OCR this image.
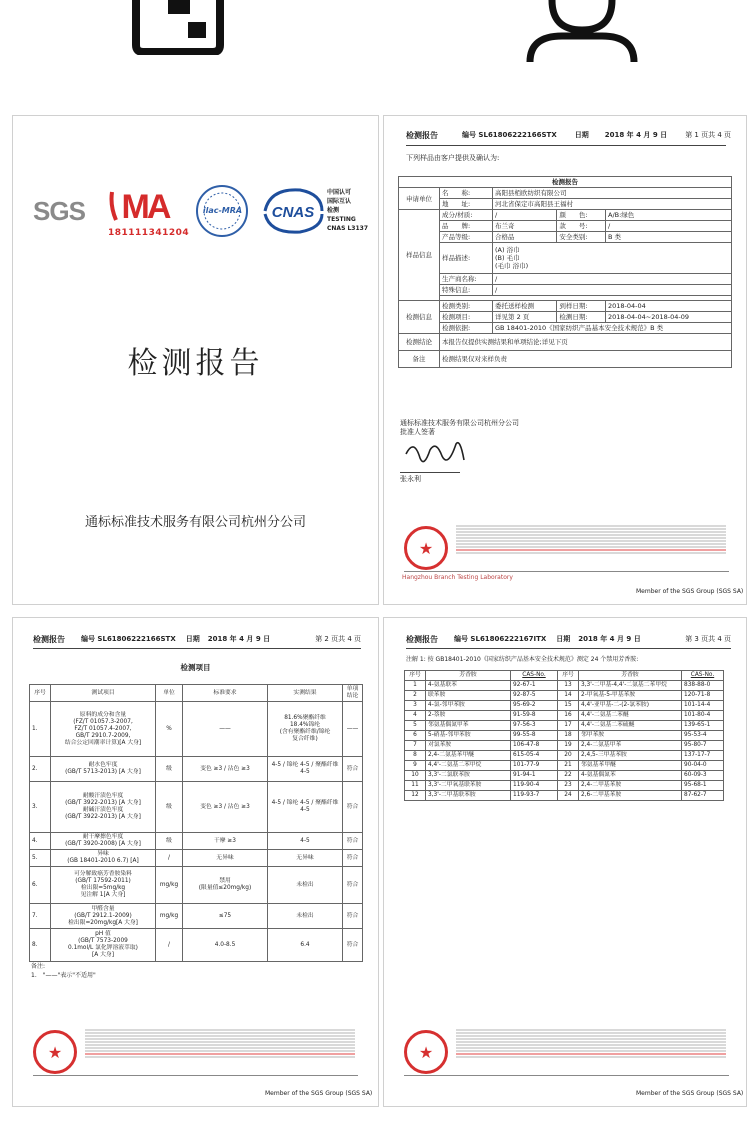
SGS MA
181111341204
ilac-MRA	CNAS
中国认可
国际互认
检测
TESTING
CNAS L3137
检测报告
通标标准技术服务有限公司杭州分公司
检测报告	编号 SL61806222166STX	日期 2018 年 4 月 9 日	第 1 页共 4 页
下列样品由客户提供及确认为:
检测报告				
申请单位	名　　称:	高阳县栢欧纺织有限公司		
	地　　址:	河北省保定市高阳县王福村		
样品信息	成分/材质:	/	颜　　色:	A/B:绿色
	品　　牌:	布兰奇	款　　号:	/
	产品等级:	合格品	安全类别:	B 类
	样品描述:	(A) 浴巾
(B) 毛巾
(毛巾 浴巾)		

	生产商名称:	/		
	特殊信息:	/		

检测信息	检测类别:	委托送样检测	到样日期:	2018-04-04
	检测项目:	详见第 2 页	检测日期:	2018-04-04~2018-04-09
	检测依据:	GB 18401-2010《国家纺织产品基本安全技术规范》B 类		
检测结论	本报告仅提供实测结果和单项结论;详见下页			
备注	检测结果仅对来样负责			
通标标准技术服务有限公司杭州分公司
批准人签著
张永利
★
Hangzhou Branch Testing Laboratory
Member of the SGS Group (SGS SA)
检测报告 编号 SL61806222166STX 日期 2018 年 4 月 9 日	第 2 页共 4 页
检测项目
序号	测试项目	单位	标准要求	实测结果	单项结论
1.	原料的成分和含量
(FZ/T 01057.3-2007,
FZ/T 01057.4-2007,
GB/T 2910.7-2009,
结合公定回潮率计算)[A 大身]	%	——	81.6%聚酯纤维
18.4%锦纶
(含有聚酯纤维/锦纶
复合纤维)	——
2.	耐水色牢度
(GB/T 5713-2013) [A 大身]	级	变色 ≥3 / 沾色 ≥3	4-5 / 锦纶 4-5 / 聚酯纤维 4-5	符合
3.	耐酸汗渍色牢度
(GB/T 3922-2013) [A 大身]
耐碱汗渍色牢度
(GB/T 3922-2013) [A 大身]	级	变色 ≥3 / 沾色 ≥3	4-5 / 锦纶 4-5 / 聚酯纤维 4-5	符合
4.	耐干摩擦色牢度
(GB/T 3920-2008) [A 大身]	级	干摩 ≥3	4-5	符合
5.	异味
(GB 18401-2010 6.7) [A]	/	无异味	无异味	符合
6.	可分解致癌芳香胺染料
(GB/T 17592-2011)
检出限=5mg/kg
见注解 1[A 大身]	mg/kg	禁用
(限量值≤20mg/kg)	未检出	符合
7.	甲醛含量
(GB/T 2912.1-2009)
检出限=20mg/kg[A 大身]	mg/kg	≤75	未检出	符合
8.	pH 值
(GB/T 7573-2009
0.1mol/L 氯化钾溶液萃取)
[A 大身]	/	4.0-8.5	6.4	符合
备注:
1.　"——"表示"不适用"
★
Member of the SGS Group (SGS SA)
检测报告 编号 SL61806222167ITX 日期 2018 年 4 月 9 日	第 3 页共 4 页
注解 1: 按 GB18401-2010《国家纺织产品基本安全技术规范》测定 24 个禁用芳香胺:
序号	芳香胺	CAS-No.	序号	芳香胺	CAS-No.
1	4-氨基联苯	92-67-1	13	3,3'-二甲基-4,4'-二氨基二苯甲烷	838-88-0
2	联苯胺	92-87-5	14	2-甲氧基-5-甲基苯胺	120-71-8
3	4-氯-邻甲苯胺	95-69-2	15	4,4'-亚甲基-二-(2-氯苯胺)	101-14-4
4	2-萘胺	91-59-8	16	4,4'-二氨基二苯醚	101-80-4
5	邻氨基偶氮甲苯	97-56-3	17	4,4'-二氨基二苯硫醚	139-65-1
6	5-硝基-邻甲苯胺	99-55-8	18	邻甲苯胺	95-53-4
7	对氯苯胺	106-47-8	19	2,4-二氨基甲苯	95-80-7
8	2,4-二氨基苯甲醚	615-05-4	20	2,4,5-三甲基苯胺	137-17-7
9	4,4'-二氨基二苯甲烷	101-77-9	21	邻氨基苯甲醚	90-04-0
10	3,3'-二氯联苯胺	91-94-1	22	4-氨基偶氮苯	60-09-3
11	3,3'-二甲氧基联苯胺	119-90-4	23	2,4-二甲基苯胺	95-68-1
12	3,3'-二甲基联苯胺	119-93-7	24	2,6-二甲基苯胺	87-62-7
★
Member of the SGS Group (SGS SA)
